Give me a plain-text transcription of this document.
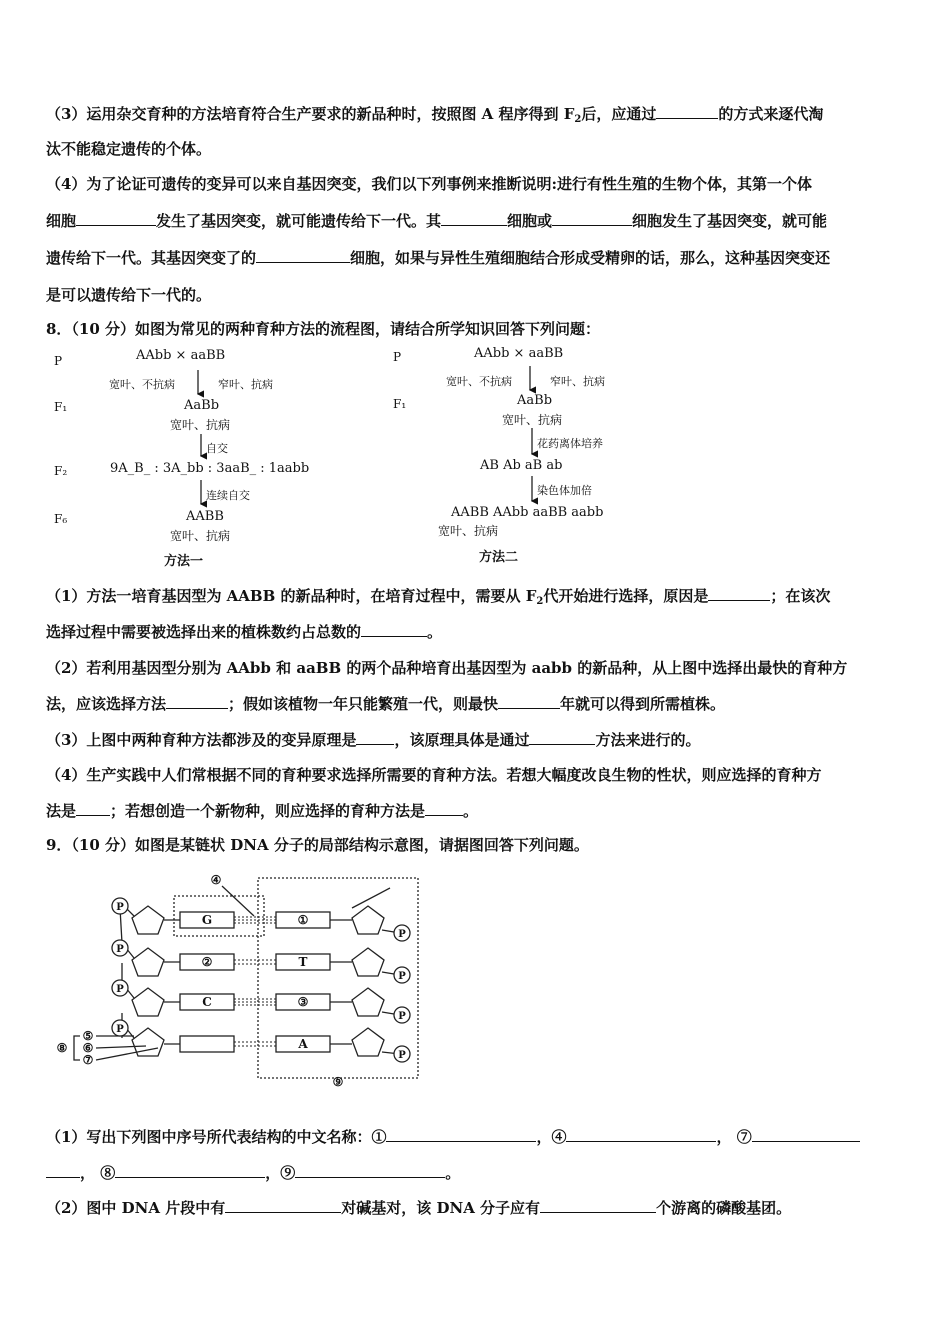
（3）运用杂交育种的方法培育符合生产要求的新品种时，按照图 A 程序得到 $F_2$后，应通过	的方式来逐代淘
汰不能稳定遗传的个体。
（4）为了论证可遗传的变异可以来自基因突变，我们以下列事例来推断说明:进行有性生殖的生物个体，其第一个体
细胞	发生了基因突变，就可能遗传给下一代。其	细胞或	细胞发生了基因突变，就可能
遗传给下一代。其基因突变了的	细胞，如果与异性生殖细胞结合形成受精卵的话，那么，这种基因突变还
是可以遗传给下一代的。
8．（10 分）如图为常见的两种育种方法的流程图，请结合所学知识回答下列问题：
P	AAbb × aaBB
宽叶、不抗病	窄叶、抗病
F₁	AaBb
宽叶、抗病
自交
F₂	9A_B_ : 3A_bb : 3aaB_ : 1aabb
连续自交
F₆	AABB
宽叶、抗病
方法一
P	AAbb × aaBB
宽叶、不抗病	窄叶、抗病
F₁	AaBb
宽叶、抗病
花药离体培养
AB Ab aB ab
染色体加倍
AABB AAbb aaBB aabb
宽叶、抗病
方法二
（1）方法一培育基因型为 AABB 的新品种时，在培育过程中，需要从 $F_2$代开始进行选择，原因是	；在该次
选择过程中需要被选择出来的植株数约占总数的	。
（2）若利用基因型分别为 AAbb 和 aaBB 的两个品种培育出基因型为 aabb 的新品种，从上图中选择出最快的育种方
法，应该选择方法	；假如该植物一年只能繁殖一代，则最快	年就可以得到所需植株。
（3）上图中两种育种方法都涉及的变异原理是	，该原理具体是通过	方法来进行的。
（4）生产实践中人们常根据不同的育种要求选择所需要的育种方法。若想大幅度改良生物的性状，则应选择的育种方
法是 ；若想创造一个新物种，则应选择的育种方法是	。
9．（10 分）如图是某链状 DNA 分子的局部结构示意图，请据图回答下列问题。
P
P
P
P
P
P
P
P
G
②
C
①
T
③
A
④
⑤
⑥
⑦
⑧
⑨
（1）写出下列图中序号所代表结构的中文名称：①	，④	， ⑦
， ⑧	，⑨	。
（2）图中 DNA 片段中有	对碱基对，该 DNA 分子应有	个游离的磷酸基团。
